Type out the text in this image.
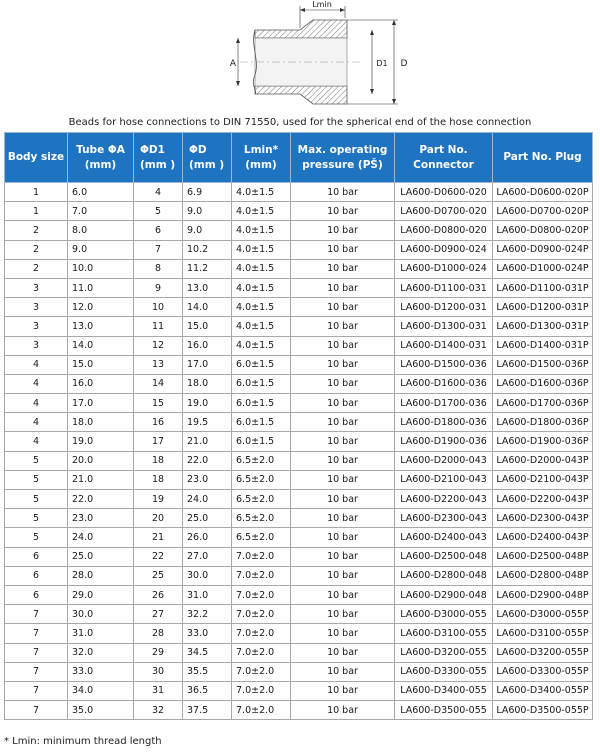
Lmin
A	D1 D
Beads for hose connections to DIN 71550, used for the spherical end of the hose connection
Body size	Tube ΦA (mm)	ΦD1 (mm )	ΦD (mm )	Lmin* (mm)	Max. operating pressure (PŠ)	Part No. Connector	Part No. Plug
1	6.0	4	6.9	4.0±1.5	10 bar	LA600-D0600-020	LA600-D0600-020P
1	7.0	5	9.0	4.0±1.5	10 bar	LA600-D0700-020	LA600-D0700-020P
2	8.0	6	9.0	4.0±1.5	10 bar	LA600-D0800-020	LA600-D0800-020P
2	9.0	7	10.2	4.0±1.5	10 bar	LA600-D0900-024	LA600-D0900-024P
2	10.0	8	11.2	4.0±1.5	10 bar	LA600-D1000-024	LA600-D1000-024P
3	11.0	9	13.0	4.0±1.5	10 bar	LA600-D1100-031	LA600-D1100-031P
3	12.0	10	14.0	4.0±1.5	10 bar	LA600-D1200-031	LA600-D1200-031P
3	13.0	11	15.0	4.0±1.5	10 bar	LA600-D1300-031	LA600-D1300-031P
3	14.0	12	16.0	4.0±1.5	10 bar	LA600-D1400-031	LA600-D1400-031P
4	15.0	13	17.0	6.0±1.5	10 bar	LA600-D1500-036	LA600-D1500-036P
4	16.0	14	18.0	6.0±1.5	10 bar	LA600-D1600-036	LA600-D1600-036P
4	17.0	15	19.0	6.0±1.5	10 bar	LA600-D1700-036	LA600-D1700-036P
4	18.0	16	19.5	6.0±1.5	10 bar	LA600-D1800-036	LA600-D1800-036P
4	19.0	17	21.0	6.0±1.5	10 bar	LA600-D1900-036	LA600-D1900-036P
5	20.0	18	22.0	6.5±2.0	10 bar	LA600-D2000-043	LA600-D2000-043P
5	21.0	18	23.0	6.5±2.0	10 bar	LA600-D2100-043	LA600-D2100-043P
5	22.0	19	24.0	6.5±2.0	10 bar	LA600-D2200-043	LA600-D2200-043P
5	23.0	20	25.0	6.5±2.0	10 bar	LA600-D2300-043	LA600-D2300-043P
5	24.0	21	26.0	6.5±2.0	10 bar	LA600-D2400-043	LA600-D2400-043P
6	25.0	22	27.0	7.0±2.0	10 bar	LA600-D2500-048	LA600-D2500-048P
6	28.0	25	30.0	7.0±2.0	10 bar	LA600-D2800-048	LA600-D2800-048P
6	29.0	26	31.0	7.0±2.0	10 bar	LA600-D2900-048	LA600-D2900-048P
7	30.0	27	32.2	7.0±2.0	10 bar	LA600-D3000-055	LA600-D3000-055P
7	31.0	28	33.0	7.0±2.0	10 bar	LA600-D3100-055	LA600-D3100-055P
7	32.0	29	34.5	7.0±2.0	10 bar	LA600-D3200-055	LA600-D3200-055P
7	33.0	30	35.5	7.0±2.0	10 bar	LA600-D3300-055	LA600-D3300-055P
7	34.0	31	36.5	7.0±2.0	10 bar	LA600-D3400-055	LA600-D3400-055P
7	35.0	32	37.5	7.0±2.0	10 bar	LA600-D3500-055	LA600-D3500-055P
* Lmin: minimum thread length
